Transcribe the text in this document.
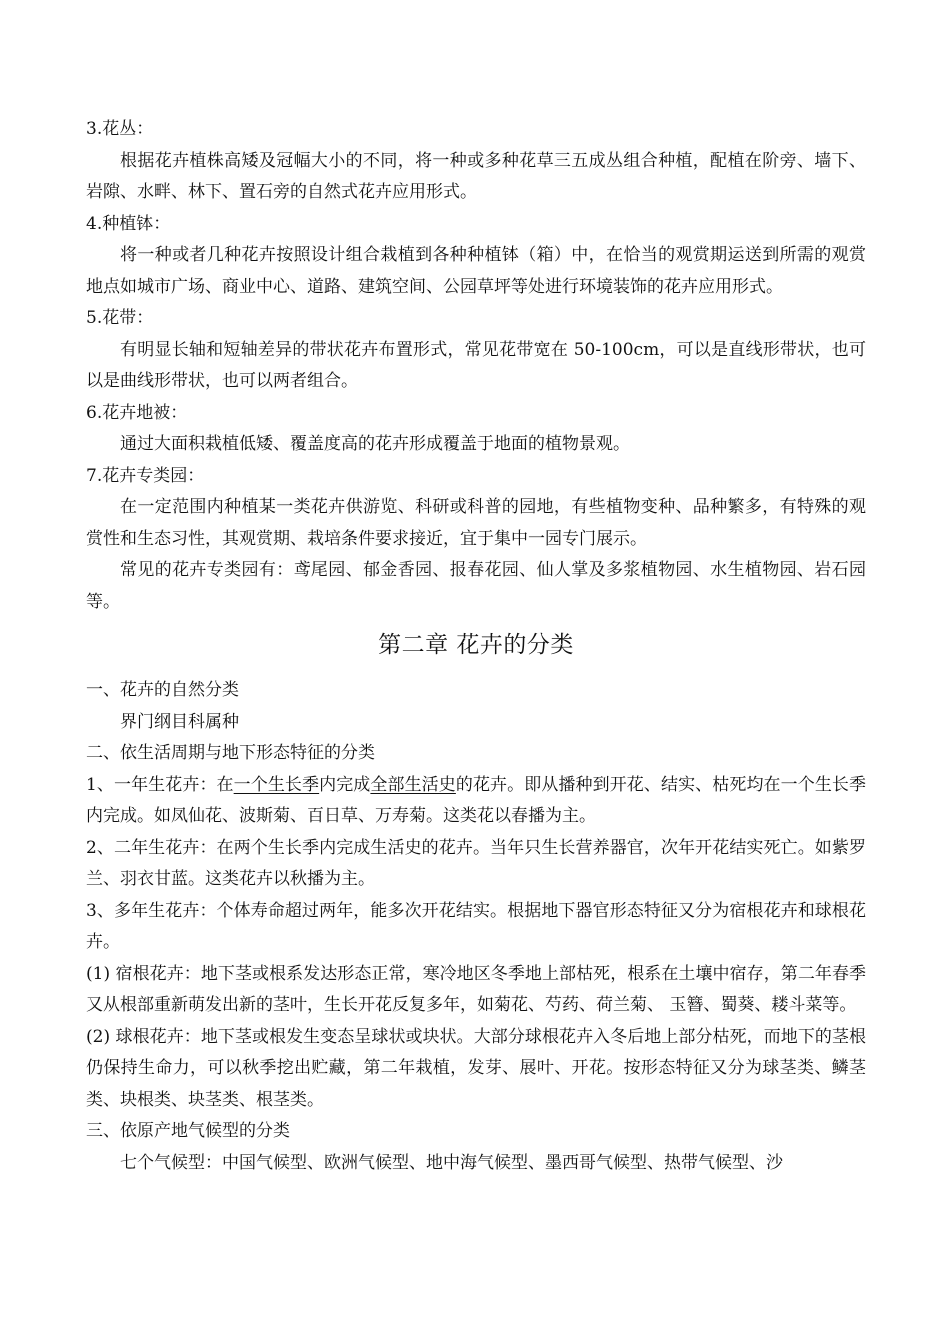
3.花丛：

根据花卉植株高矮及冠幅大小的不同，将一种或多种花草三五成丛组合种植，配植在阶旁、墙下、岩隙、水畔、林下、置石旁的自然式花卉应用形式。

4.种植钵：

将一种或者几种花卉按照设计组合栽植到各种种植钵（箱）中，在恰当的观赏期运送到所需的观赏地点如城市广场、商业中心、道路、建筑空间、公园草坪等处进行环境装饰的花卉应用形式。

5.花带：

有明显长轴和短轴差异的带状花卉布置形式，常见花带宽在 50-100cm，可以是直线形带状，也可以是曲线形带状，也可以两者组合。

6.花卉地被：

通过大面积栽植低矮、覆盖度高的花卉形成覆盖于地面的植物景观。

7.花卉专类园：

在一定范围内种植某一类花卉供游览、科研或科普的园地，有些植物变种、品种繁多，有特殊的观赏性和生态习性，其观赏期、栽培条件要求接近，宜于集中一园专门展示。

常见的花卉专类园有：鸢尾园、郁金香园、报春花园、仙人掌及多浆植物园、水生植物园、岩石园等。

第二章 花卉的分类

一、花卉的自然分类

界门纲目科属种

二、依生活周期与地下形态特征的分类

1、一年生花卉：在一个生长季内完成全部生活史的花卉。即从播种到开花、结实、枯死均在一个生长季内完成。如凤仙花、波斯菊、百日草、万寿菊。这类花以春播为主。

2、二年生花卉：在两个生长季内完成生活史的花卉。当年只生长营养器官，次年开花结实死亡。如紫罗兰、羽衣甘蓝。这类花卉以秋播为主。

3、多年生花卉：个体寿命超过两年，能多次开花结实。根据地下器官形态特征又分为宿根花卉和球根花卉。

(1) 宿根花卉：地下茎或根系发达形态正常，寒冷地区冬季地上部枯死，根系在土壤中宿存，第二年春季又从根部重新萌发出新的茎叶，生长开花反复多年，如菊花、芍药、荷兰菊、 玉簪、蜀葵、耧斗菜等。

(2) 球根花卉：地下茎或根发生变态呈球状或块状。大部分球根花卉入冬后地上部分枯死，而地下的茎根仍保持生命力，可以秋季挖出贮藏，第二年栽植，发芽、展叶、开花。按形态特征又分为球茎类、鳞茎类、块根类、块茎类、根茎类。

三、依原产地气候型的分类

七个气候型：中国气候型、欧洲气候型、地中海气候型、墨西哥气候型、热带气候型、沙
